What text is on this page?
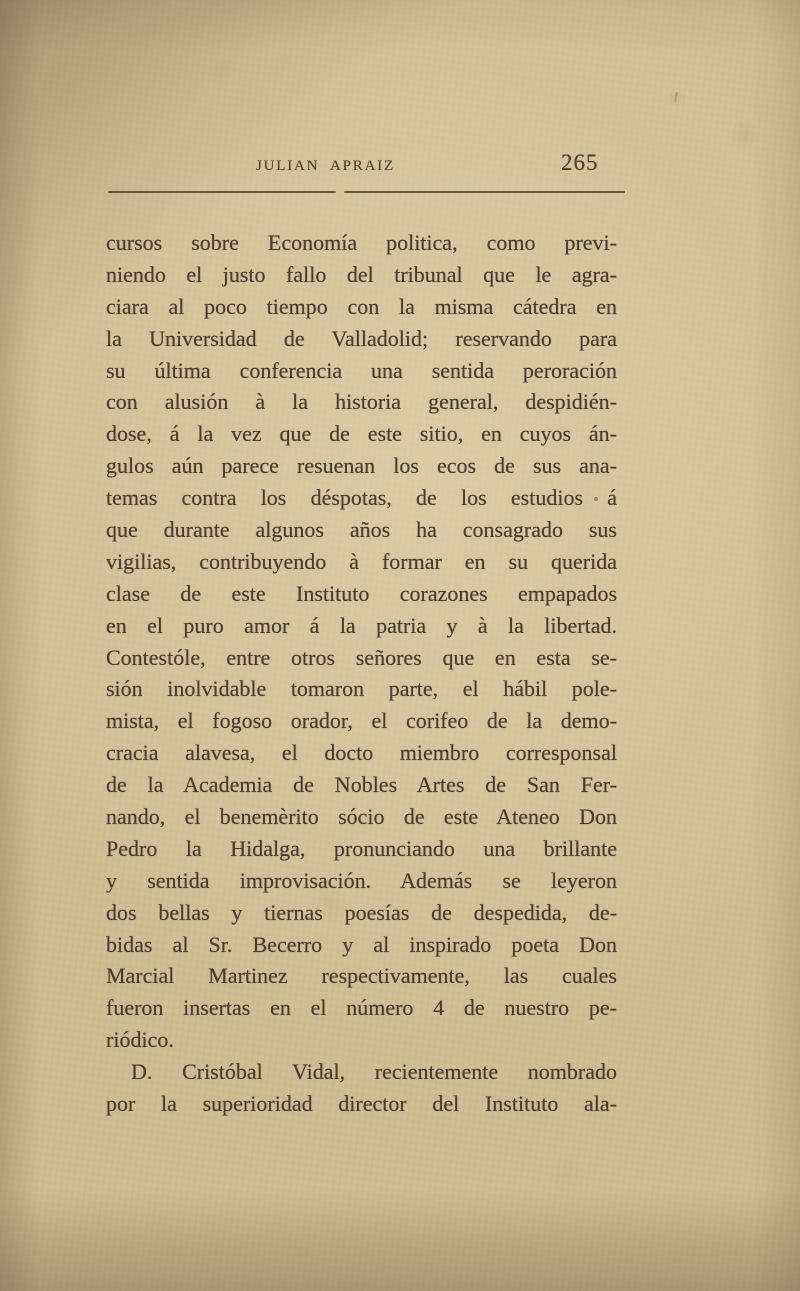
JULIAN APRAIZ	265
cursos sobre Economía politica, como previ-
niendo el justo fallo del tribunal que le agra-
ciara al poco tiempo con la misma cátedra en
la Universidad de Valladolid; reservando para
su última conferencia una sentida peroración
con alusión à la historia general, despidién-
dose, á la vez que de este sitio, en cuyos án-
gulos aún parece resuenan los ecos de sus ana-
temas contra los déspotas, de los estudios á
que durante algunos años ha consagrado sus
vigilias, contribuyendo à formar en su querida
clase de este Instituto corazones empapados
en el puro amor á la patria y à la libertad.
Contestóle, entre otros señores que en esta se-
sión inolvidable tomaron parte, el hábil pole-
mista, el fogoso orador, el corifeo de la demo-
cracia alavesa, el docto miembro corresponsal
de la Academia de Nobles Artes de San Fer-
nando, el benemèrito sócio de este Ateneo Don
Pedro la Hidalga, pronunciando una brillante
y sentida improvisación. Además se leyeron
dos bellas y tiernas poesías de despedida, de-
bidas al Sr. Becerro y al inspirado poeta Don
Marcial Martinez respectivamente, las cuales
fueron insertas en el número 4 de nuestro pe-
riódico.
D. Cristóbal Vidal, recientemente nombrado
por la superioridad director del Instituto ala-
